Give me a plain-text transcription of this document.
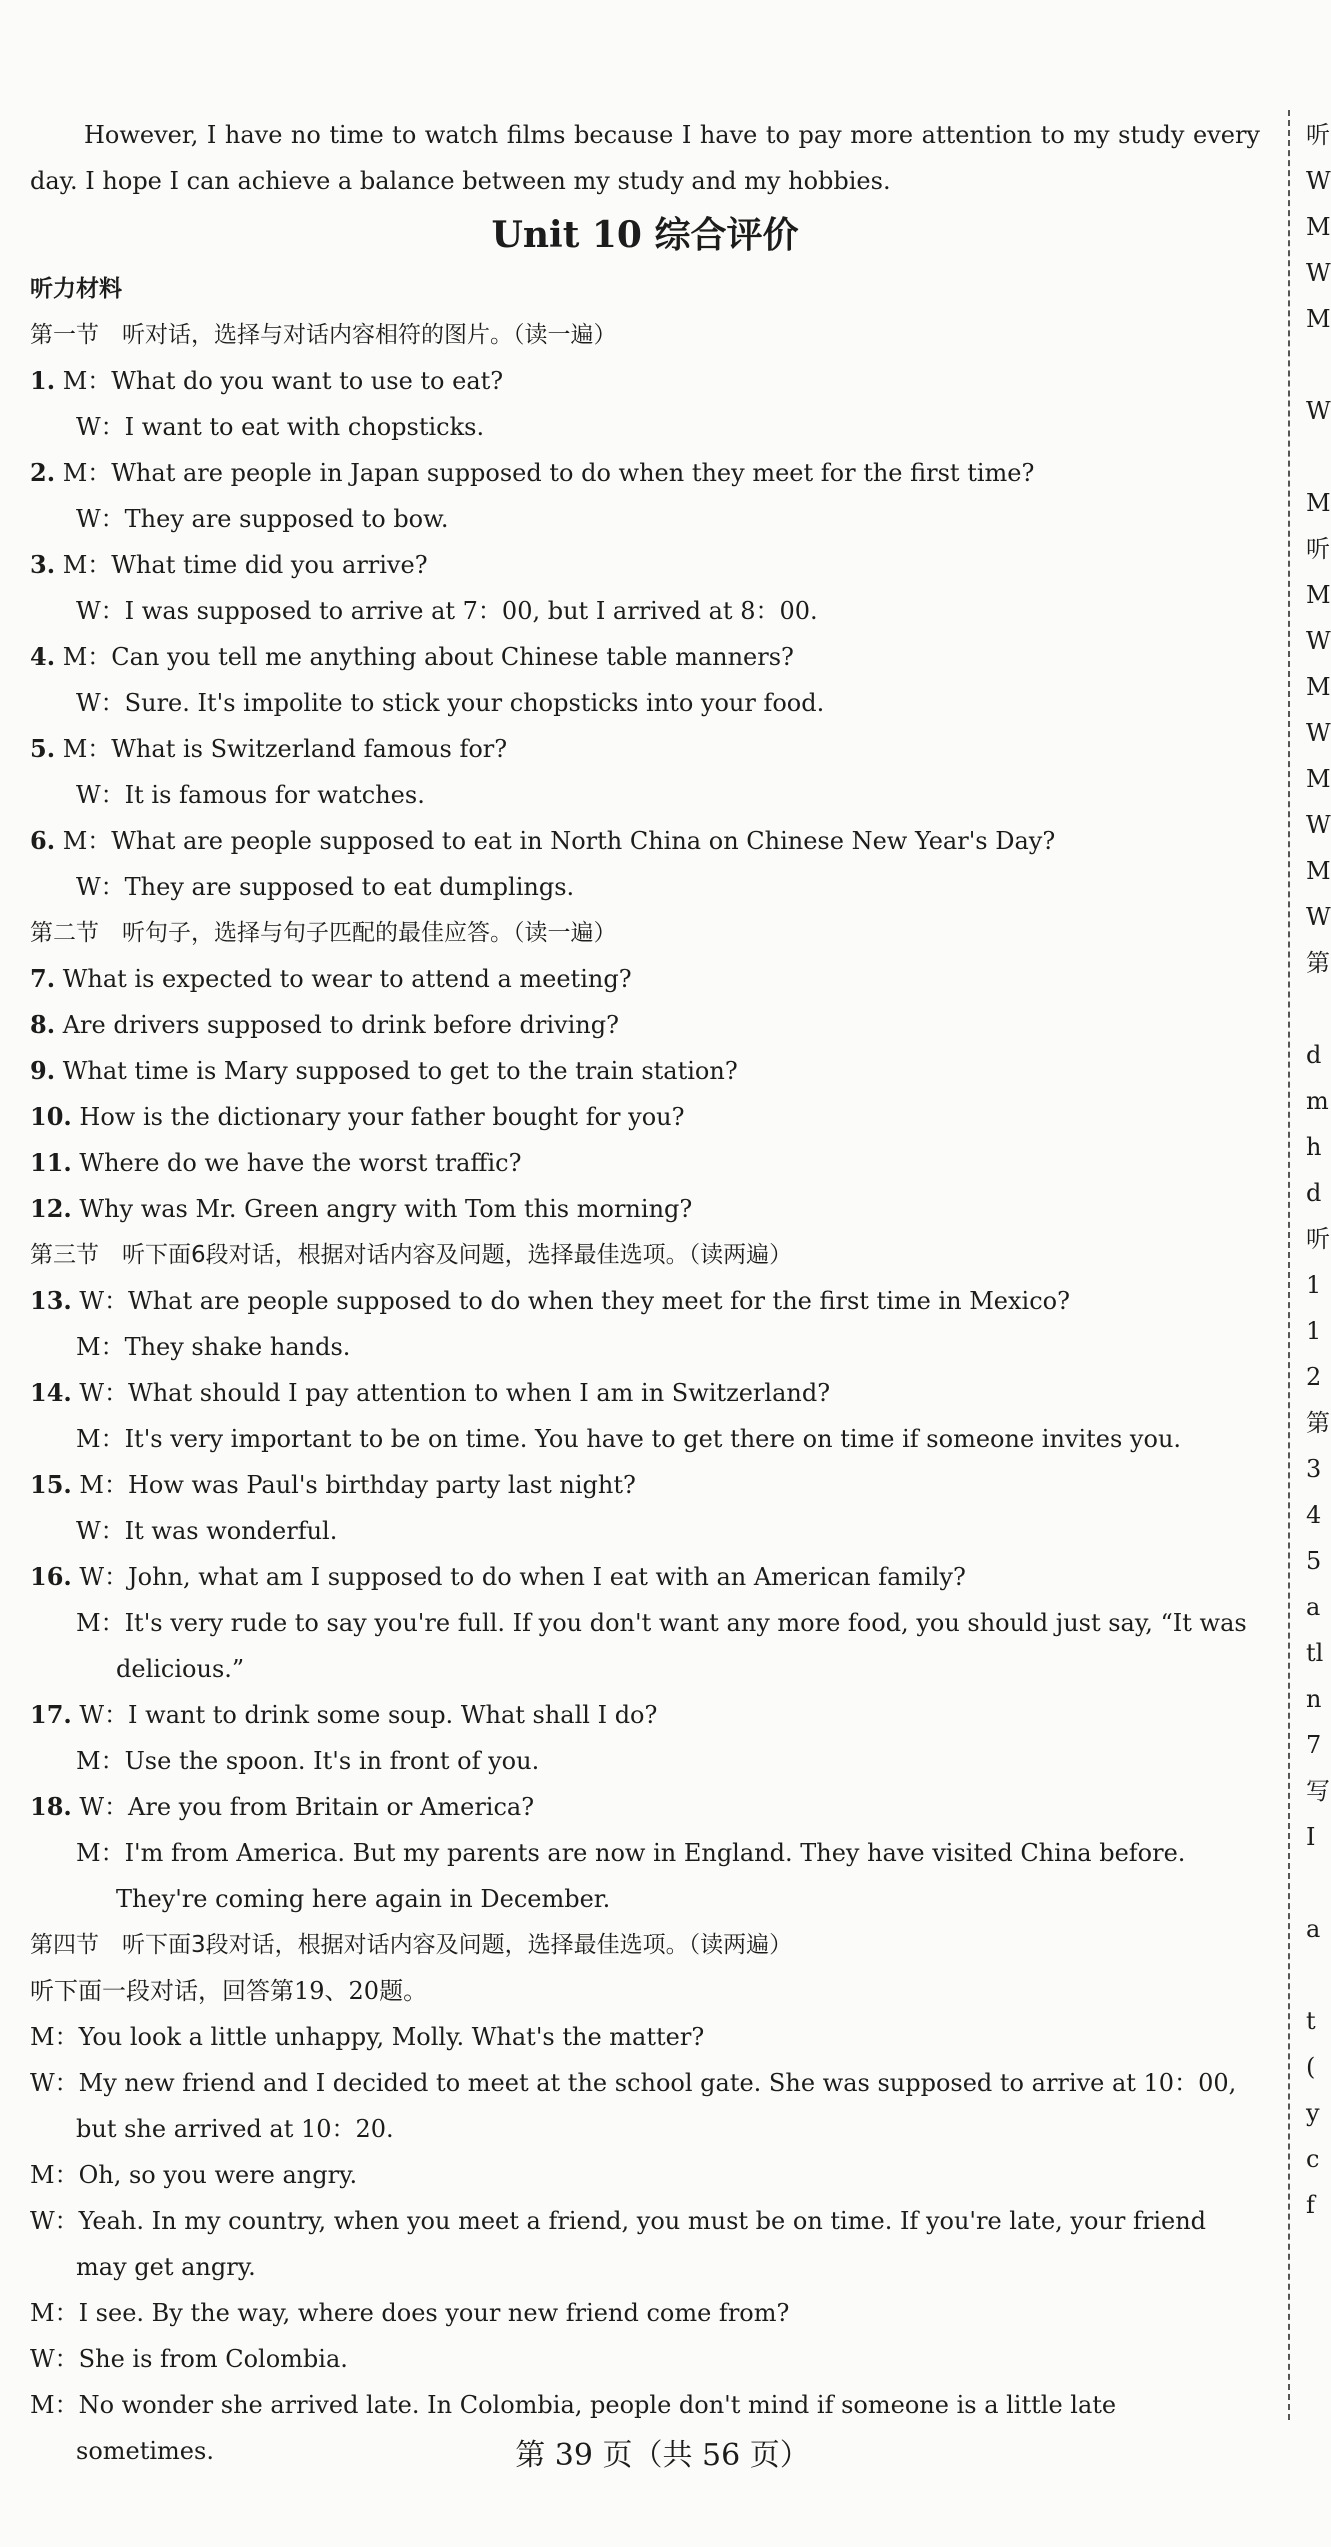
However, I have no time to watch films because I have to pay more attention to my study every day. I hope I can achieve a balance between my study and my hobbies.

Unit 10 综合评价
听力材料
第一节　听对话，选择与对话内容相符的图片。（读一遍）
1. M：What do you want to use to eat?
W：I want to eat with chopsticks.
2. M：What are people in Japan supposed to do when they meet for the first time?
W：They are supposed to bow.
3. M：What time did you arrive?
W：I was supposed to arrive at 7：00, but I arrived at 8：00.
4. M：Can you tell me anything about Chinese table manners?
W：Sure. It's impolite to stick your chopsticks into your food.
5. M：What is Switzerland famous for?
W：It is famous for watches.
6. M：What are people supposed to eat in North China on Chinese New Year's Day?
W：They are supposed to eat dumplings.
第二节　听句子，选择与句子匹配的最佳应答。（读一遍）
7. What is expected to wear to attend a meeting?
8. Are drivers supposed to drink before driving?
9. What time is Mary supposed to get to the train station?
10. How is the dictionary your father bought for you?
11. Where do we have the worst traffic?
12. Why was Mr. Green angry with Tom this morning?
第三节　听下面6段对话，根据对话内容及问题，选择最佳选项。（读两遍）
13. W：What are people supposed to do when they meet for the first time in Mexico?
M：They shake hands.
14. W：What should I pay attention to when I am in Switzerland?
M：It's very important to be on time. You have to get there on time if someone invites you.
15. M：How was Paul's birthday party last night?
W：It was wonderful.
16. W：John, what am I supposed to do when I eat with an American family?
M：It's very rude to say you're full. If you don't want any more food, you should just say, “It was delicious.”
17. W：I want to drink some soup. What shall I do?
M：Use the spoon. It's in front of you.
18. W：Are you from Britain or America?
M：I'm from America. But my parents are now in England. They have visited China before. They're coming here again in December.
第四节　听下面3段对话，根据对话内容及问题，选择最佳选项。（读两遍）
听下面一段对话，回答第19、20题。
M：You look a little unhappy, Molly. What's the matter?
W：My new friend and I decided to meet at the school gate. She was supposed to arrive at 10：00, but she arrived at 10：20.
M：Oh, so you were angry.
W：Yeah. In my country, when you meet a friend, you must be on time. If you're late, your friend may get angry.
M：I see. By the way, where does your new friend come from?
W：She is from Colombia.
M：No wonder she arrived late. In Colombia, people don't mind if someone is a little late sometimes.
听
W
M
W
M
W
M
听
M
W
M
W
M
W
M
W
第
d
m
h
d
听
1
1
2
第
3
4
5
a
tl
n
7
写
I
a
t
(
y
c
f
第 39 页（共 56 页）
